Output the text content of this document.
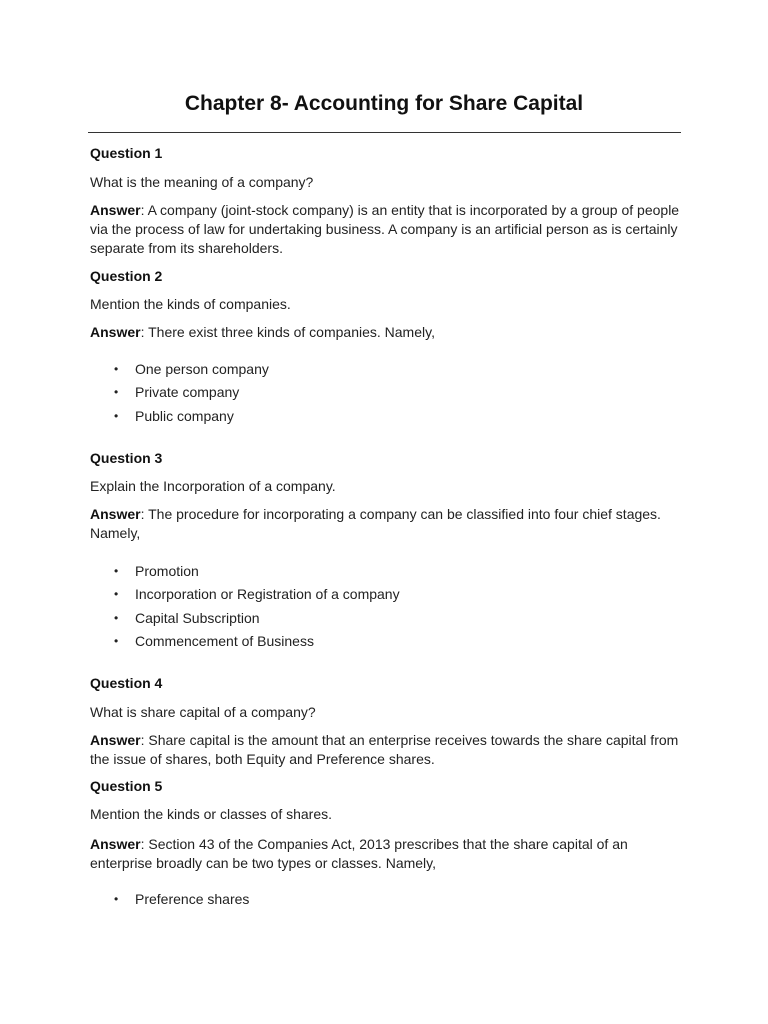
Chapter 8- Accounting for Share Capital

Question 1

What is the meaning of a company?

Answer: A company (joint-stock company) is an entity that is incorporated by a group of people via the process of law for undertaking business. A company is an artificial person as is certainly separate from its shareholders.

Question 2

Mention the kinds of companies.

Answer: There exist three kinds of companies. Namely,

• One person company
• Private company
• Public company

Question 3

Explain the Incorporation of a company.

Answer: The procedure for incorporating a company can be classified into four chief stages. Namely,

• Promotion
• Incorporation or Registration of a company
• Capital Subscription
• Commencement of Business

Question 4

What is share capital of a company?

Answer: Share capital is the amount that an enterprise receives towards the share capital from the issue of shares, both Equity and Preference shares.

Question 5

Mention the kinds or classes of shares.

Answer: Section 43 of the Companies Act, 2013 prescribes that the share capital of an enterprise broadly can be two types or classes. Namely,

• Preference shares
